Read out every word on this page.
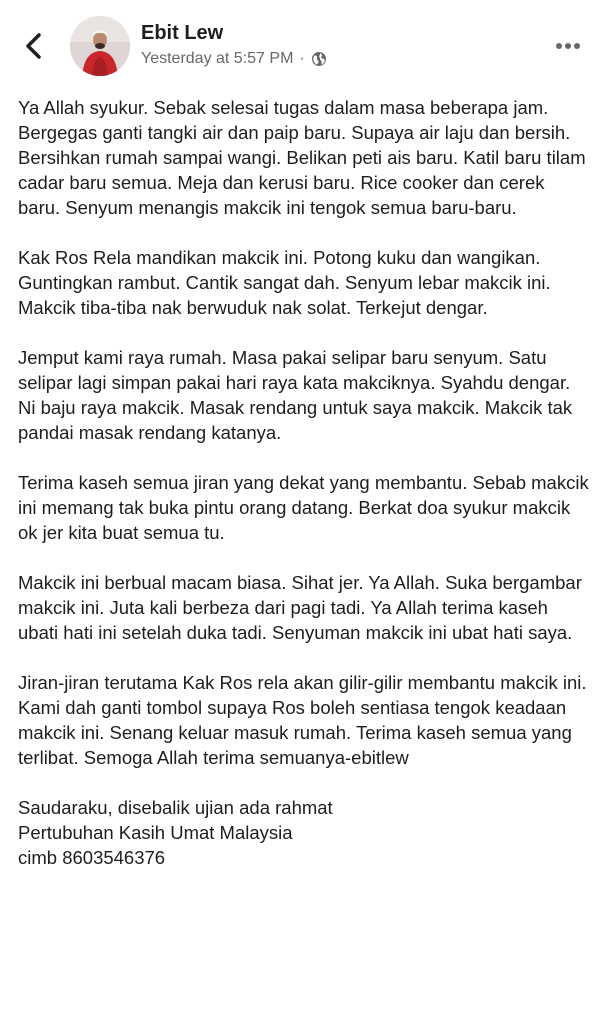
Ebit Lew
Yesterday at 5:57 PM ·

Ya Allah syukur. Sebak selesai tugas dalam masa beberapa jam. Bergegas ganti tangki air dan paip baru. Supaya air laju dan bersih. Bersihkan rumah sampai wangi. Belikan peti ais baru. Katil baru tilam cadar baru semua. Meja dan kerusi baru. Rice cooker dan cerek baru. Senyum menangis makcik ini tengok semua baru-baru.

Kak Ros Rela mandikan makcik ini. Potong kuku dan wangikan. Guntingkan rambut. Cantik sangat dah. Senyum lebar makcik ini. Makcik tiba-tiba nak berwuduk nak solat. Terkejut dengar.

Jemput kami raya rumah. Masa pakai selipar baru senyum. Satu selipar lagi simpan pakai hari raya kata makciknya. Syahdu dengar. Ni baju raya makcik. Masak rendang untuk saya makcik. Makcik tak pandai masak rendang katanya.

Terima kaseh semua jiran yang dekat yang membantu. Sebab makcik ini memang tak buka pintu orang datang. Berkat doa syukur makcik ok jer kita buat semua tu.

Makcik ini berbual macam biasa. Sihat jer. Ya Allah. Suka bergambar makcik ini. Juta kali berbeza dari pagi tadi. Ya Allah terima kaseh ubati hati ini setelah duka tadi. Senyuman makcik ini ubat hati saya.

Jiran-jiran terutama Kak Ros rela akan gilir-gilir membantu makcik ini. Kami dah ganti tombol supaya Ros boleh sentiasa tengok keadaan makcik ini. Senang keluar masuk rumah. Terima kaseh semua yang terlibat. Semoga Allah terima semuanya-ebitlew

Saudaraku, disebalik ujian ada rahmat
Pertubuhan Kasih Umat Malaysia
cimb 8603546376
